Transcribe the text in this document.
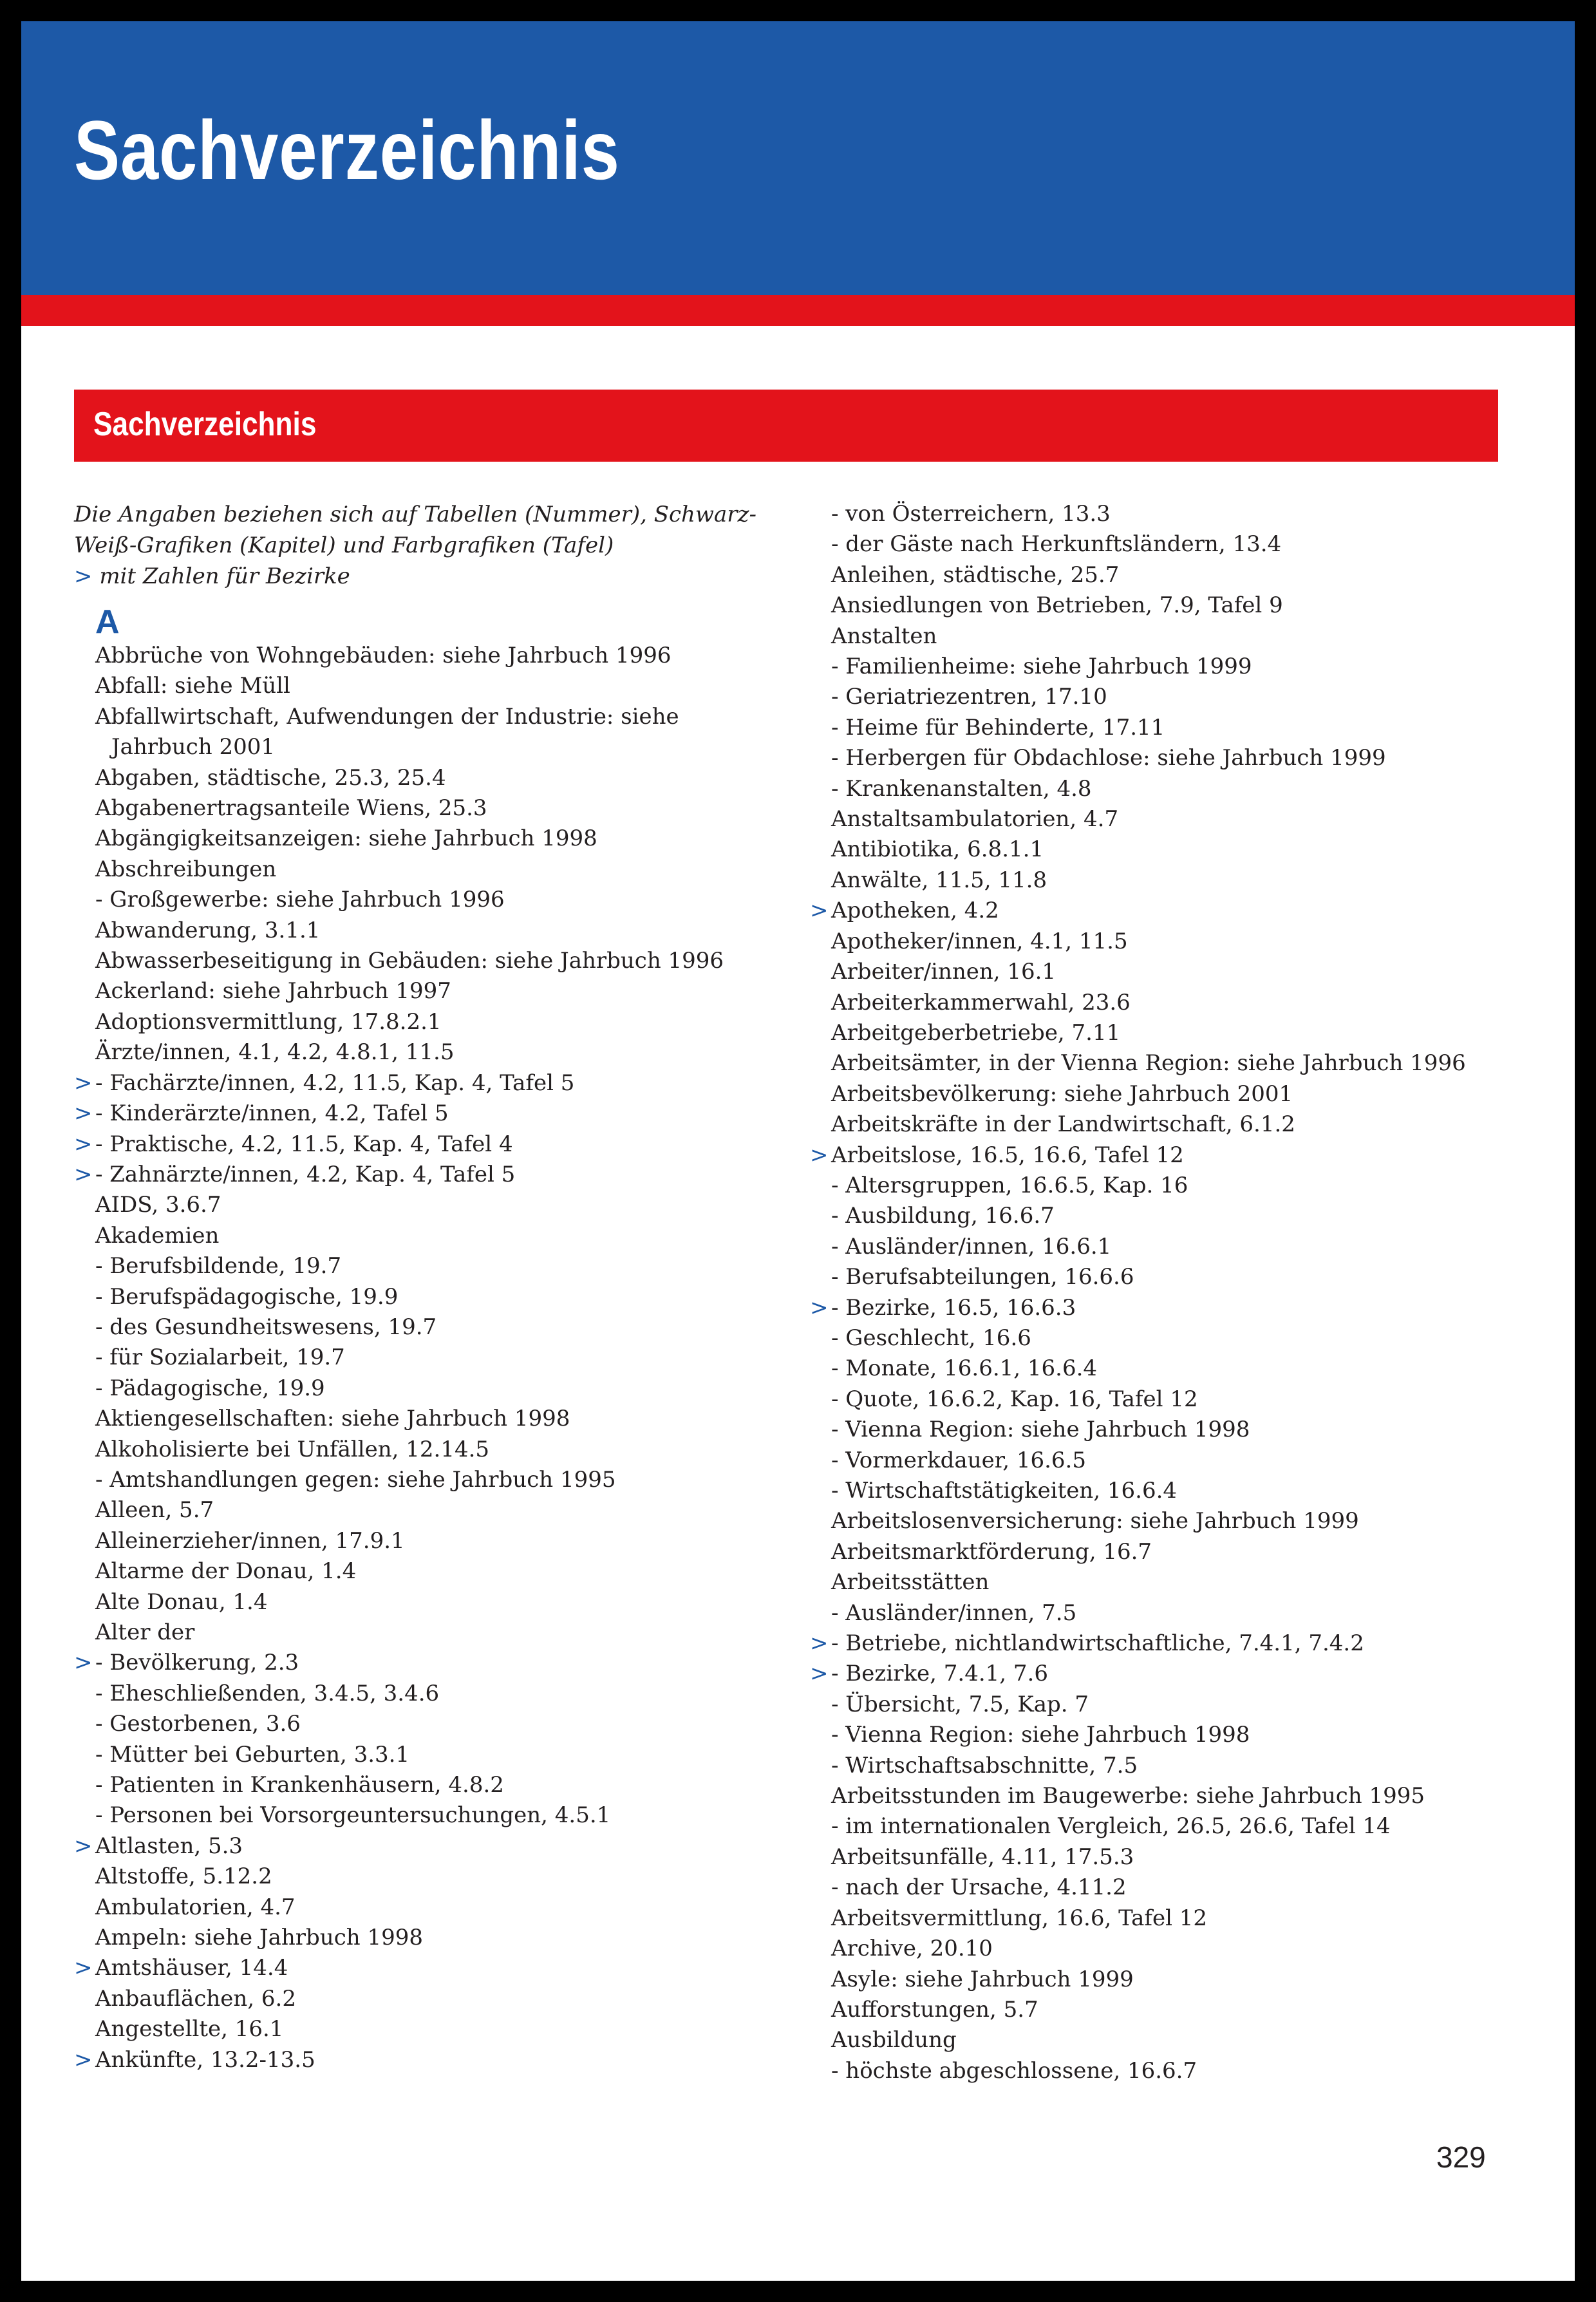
Sachverzeichnis
Sachverzeichnis

Die Angaben beziehen sich auf Tabellen (Nummer), Schwarz-

Weiß-Grafiken (Kapitel) und Farbgrafiken (Tafel)

> mit Zahlen für Bezirke

A
Abbrüche von Wohngebäuden: siehe Jahrbuch 1996
Abfall: siehe Müll
Abfallwirtschaft, Aufwendungen der Industrie: siehe
Jahrbuch 2001
Abgaben, städtische, 25.3, 25.4
Abgabenertragsanteile Wiens, 25.3
Abgängigkeitsanzeigen: siehe Jahrbuch 1998
Abschreibungen
- Großgewerbe: siehe Jahrbuch 1996
Abwanderung, 3.1.1
Abwasserbeseitigung in Gebäuden: siehe Jahrbuch 1996
Ackerland: siehe Jahrbuch 1997
Adoptionsvermittlung, 17.8.2.1
Ärzte/innen, 4.1, 4.2, 4.8.1, 11.5
> - Fachärzte/innen, 4.2, 11.5, Kap. 4, Tafel 5
> - Kinderärzte/innen, 4.2, Tafel 5
> - Praktische, 4.2, 11.5, Kap. 4, Tafel 4
> - Zahnärzte/innen, 4.2, Kap. 4, Tafel 5
AIDS, 3.6.7
Akademien
- Berufsbildende, 19.7
- Berufspädagogische, 19.9
- des Gesundheitswesens, 19.7
- für Sozialarbeit, 19.7
- Pädagogische, 19.9
Aktiengesellschaften: siehe Jahrbuch 1998
Alkoholisierte bei Unfällen, 12.14.5
- Amtshandlungen gegen: siehe Jahrbuch 1995
Alleen, 5.7
Alleinerzieher/innen, 17.9.1
Altarme der Donau, 1.4
Alte Donau, 1.4
Alter der
> - Bevölkerung, 2.3
- Eheschließenden, 3.4.5, 3.4.6
- Gestorbenen, 3.6
- Mütter bei Geburten, 3.3.1
- Patienten in Krankenhäusern, 4.8.2
- Personen bei Vorsorgeuntersuchungen, 4.5.1
> Altlasten, 5.3
Altstoffe, 5.12.2
Ambulatorien, 4.7
Ampeln: siehe Jahrbuch 1998
> Amtshäuser, 14.4
Anbauflächen, 6.2
Angestellte, 16.1
> Ankünfte, 13.2-13.5
- von Österreichern, 13.3
- der Gäste nach Herkunftsländern, 13.4
Anleihen, städtische, 25.7
Ansiedlungen von Betrieben, 7.9, Tafel 9
Anstalten
- Familienheime: siehe Jahrbuch 1999
- Geriatriezentren, 17.10
- Heime für Behinderte, 17.11
- Herbergen für Obdachlose: siehe Jahrbuch 1999
- Krankenanstalten, 4.8
Anstaltsambulatorien, 4.7
Antibiotika, 6.8.1.1
Anwälte, 11.5, 11.8
> Apotheken, 4.2
Apotheker/innen, 4.1, 11.5
Arbeiter/innen, 16.1
Arbeiterkammerwahl, 23.6
Arbeitgeberbetriebe, 7.11
Arbeitsämter, in der Vienna Region: siehe Jahrbuch 1996
Arbeitsbevölkerung: siehe Jahrbuch 2001
Arbeitskräfte in der Landwirtschaft, 6.1.2
> Arbeitslose, 16.5, 16.6, Tafel 12
- Altersgruppen, 16.6.5, Kap. 16
- Ausbildung, 16.6.7
- Ausländer/innen, 16.6.1
- Berufsabteilungen, 16.6.6
> - Bezirke, 16.5, 16.6.3
- Geschlecht, 16.6
- Monate, 16.6.1, 16.6.4
- Quote, 16.6.2, Kap. 16, Tafel 12
- Vienna Region: siehe Jahrbuch 1998
- Vormerkdauer, 16.6.5
- Wirtschaftstätigkeiten, 16.6.4
Arbeitslosenversicherung: siehe Jahrbuch 1999
Arbeitsmarktförderung, 16.7
Arbeitsstätten
- Ausländer/innen, 7.5
> - Betriebe, nichtlandwirtschaftliche, 7.4.1, 7.4.2
> - Bezirke, 7.4.1, 7.6
- Übersicht, 7.5, Kap. 7
- Vienna Region: siehe Jahrbuch 1998
- Wirtschaftsabschnitte, 7.5
Arbeitsstunden im Baugewerbe: siehe Jahrbuch 1995
- im internationalen Vergleich, 26.5, 26.6, Tafel 14
Arbeitsunfälle, 4.11, 17.5.3
- nach der Ursache, 4.11.2
Arbeitsvermittlung, 16.6, Tafel 12
Archive, 20.10
Asyle: siehe Jahrbuch 1999
Aufforstungen, 5.7
Ausbildung
- höchste abgeschlossene, 16.6.7
329
